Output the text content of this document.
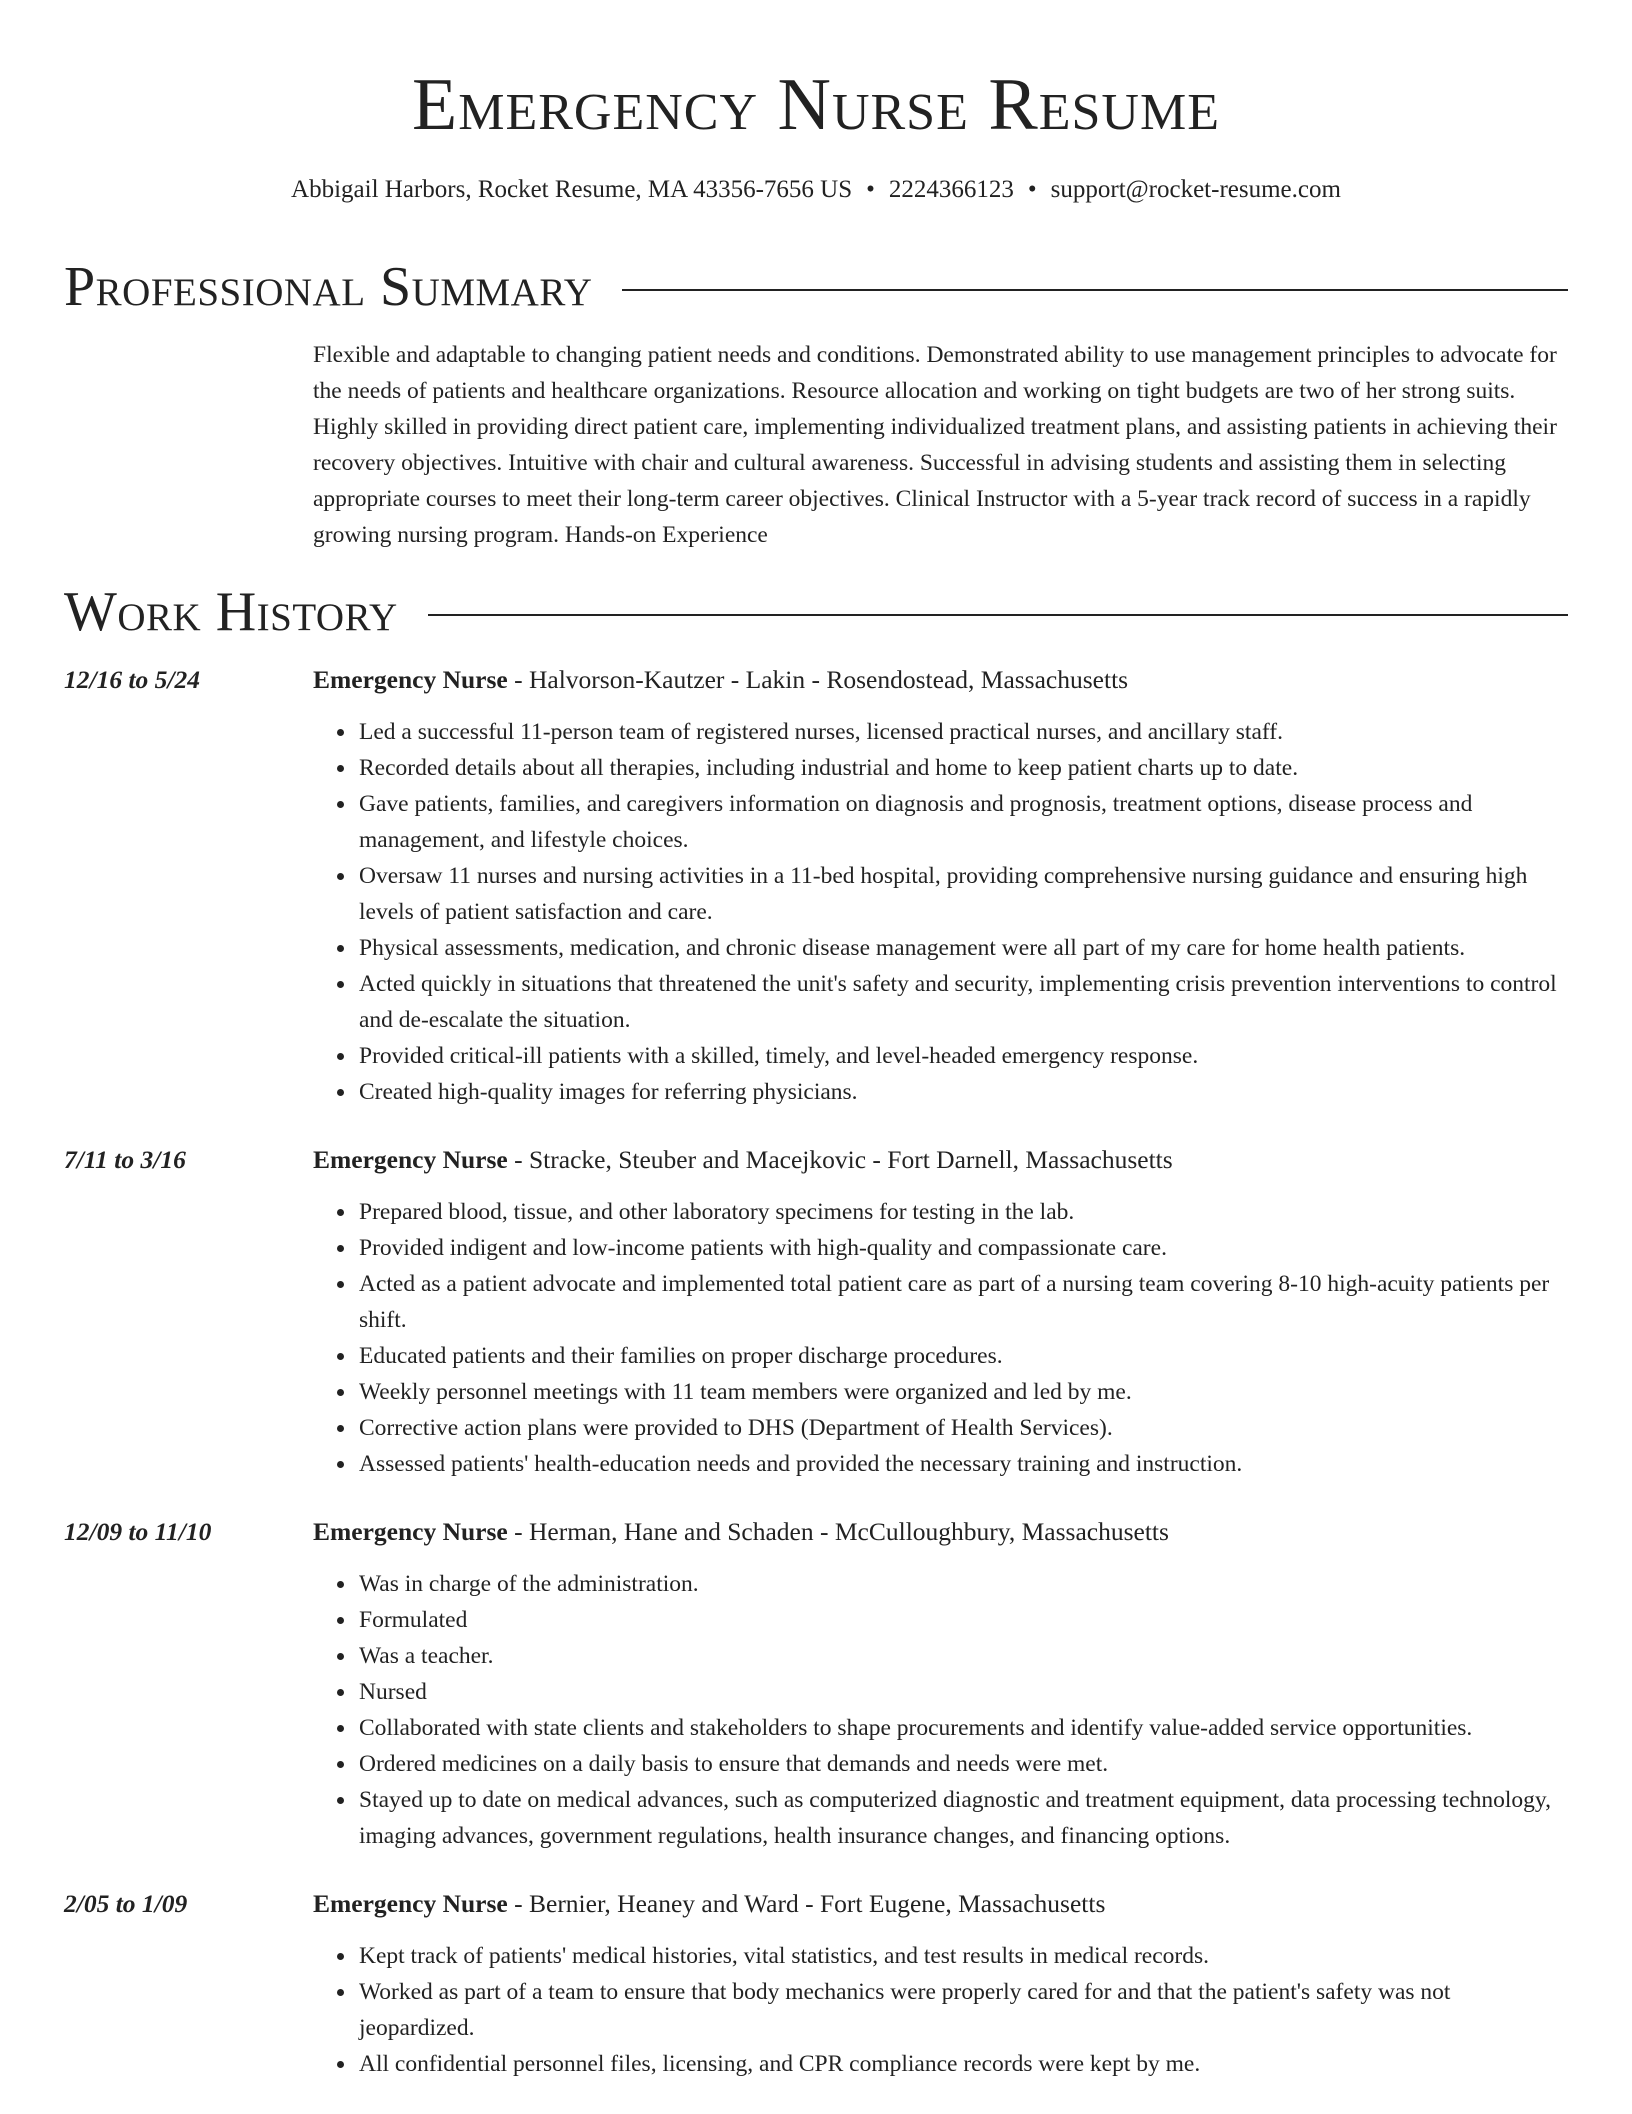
Emergency Nurse Resume
Abbigail Harbors, Rocket Resume, MA 43356-7656 US • 2224366123 • support@rocket-resume.com
Professional Summary

Flexible and adaptable to changing patient needs and conditions. Demonstrated ability to use management principles to advocate for the needs of patients and healthcare organizations. Resource allocation and working on tight budgets are two of her strong suits. Highly skilled in providing direct patient care, implementing individualized treatment plans, and assisting patients in achieving their recovery objectives. Intuitive with chair and cultural awareness. Successful in advising students and assisting them in selecting appropriate courses to meet their long-term career objectives. Clinical Instructor with a 5-year track record of success in a rapidly growing nursing program. Hands-on Experience

Work History
12/16 to 5/24	Emergency Nurse - Halvorson-Kautzer - Lakin - Rosendostead, Massachusetts
• Led a successful 11-person team of registered nurses, licensed practical nurses, and ancillary staff.
• Recorded details about all therapies, including industrial and home to keep patient charts up to date.
• Gave patients, families, and caregivers information on diagnosis and prognosis, treatment options, disease process and management, and lifestyle choices.
• Oversaw 11 nurses and nursing activities in a 11-bed hospital, providing comprehensive nursing guidance and ensuring high levels of patient satisfaction and care.
• Physical assessments, medication, and chronic disease management were all part of my care for home health patients.
• Acted quickly in situations that threatened the unit's safety and security, implementing crisis prevention interventions to control and de-escalate the situation.
• Provided critical-ill patients with a skilled, timely, and level-headed emergency response.
• Created high-quality images for referring physicians.
7/11 to 3/16	Emergency Nurse - Stracke, Steuber and Macejkovic - Fort Darnell, Massachusetts
• Prepared blood, tissue, and other laboratory specimens for testing in the lab.
• Provided indigent and low-income patients with high-quality and compassionate care.
• Acted as a patient advocate and implemented total patient care as part of a nursing team covering 8-10 high-acuity patients per shift.
• Educated patients and their families on proper discharge procedures.
• Weekly personnel meetings with 11 team members were organized and led by me.
• Corrective action plans were provided to DHS (Department of Health Services).
• Assessed patients' health-education needs and provided the necessary training and instruction.
12/09 to 11/10	Emergency Nurse - Herman, Hane and Schaden - McCulloughbury, Massachusetts
• Was in charge of the administration.
• Formulated
• Was a teacher.
• Nursed
• Collaborated with state clients and stakeholders to shape procurements and identify value-added service opportunities.
• Ordered medicines on a daily basis to ensure that demands and needs were met.
• Stayed up to date on medical advances, such as computerized diagnostic and treatment equipment, data processing technology, imaging advances, government regulations, health insurance changes, and financing options.
2/05 to 1/09	Emergency Nurse - Bernier, Heaney and Ward - Fort Eugene, Massachusetts
• Kept track of patients' medical histories, vital statistics, and test results in medical records.
• Worked as part of a team to ensure that body mechanics were properly cared for and that the patient's safety was not jeopardized.
• All confidential personnel files, licensing, and CPR compliance records were kept by me.
